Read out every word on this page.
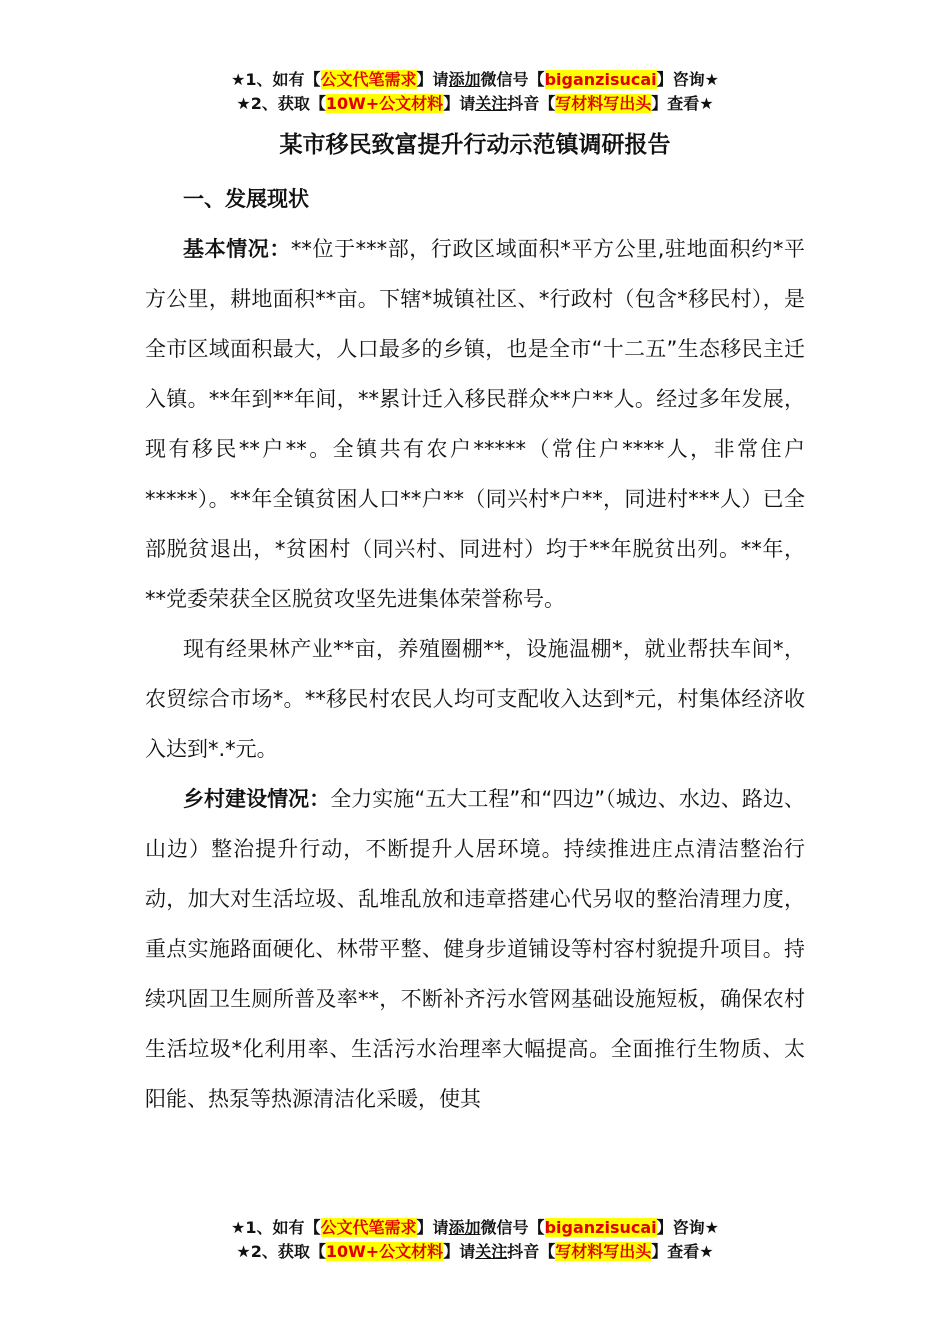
★1、如有【公文代笔需求】请添加微信号【biganzisucai】咨询★
★2、获取【10W+公文材料】请关注抖音【写材料写出头】查看★
某市移民致富提升行动示范镇调研报告

一、发展现状

基本情况：**位于***部，行政区域面积*平方公里,驻地面积约*平方公里，耕地面积**亩。下辖*城镇社区、*行政村（包含*移民村），是全市区域面积最大，人口最多的乡镇，也是全市“十二五”生态移民主迁入镇。**年到**年间，**累计迁入移民群众**户**人。经过多年发展，现有移民**户**。全镇共有农户*****（常住户****人，非常住户*****）。**年全镇贫困人口**户**（同兴村*户**，同进村***人）已全部脱贫退出，*贫困村（同兴村、同进村）均于**年脱贫出列。**年，**党委荣获全区脱贫攻坚先进集体荣誉称号。

现有经果林产业**亩，养殖圈棚**，设施温棚*，就业帮扶车间*，农贸综合市场*。**移民村农民人均可支配收入达到*元，村集体经济收入达到*.*元。

乡村建设情况：全力实施“五大工程”和“四边”（城边、水边、路边、山边）整治提升行动，不断提升人居环境。持续推进庄点清洁整治行动，加大对生活垃圾、乱堆乱放和违章搭建心代另収的整治清理力度，重点实施路面硬化、林带平整、健身步道铺设等村容村貌提升项目。持续巩固卫生厕所普及率**，不断补齐污水管网基础设施短板，确保农村生活垃圾*化利用率、生活污水治理率大幅提高。全面推行生物质、太阳能、热泵等热源清洁化采暖，使其

★1、如有【公文代笔需求】请添加微信号【biganzisucai】咨询★
★2、获取【10W+公文材料】请关注抖音【写材料写出头】查看★
